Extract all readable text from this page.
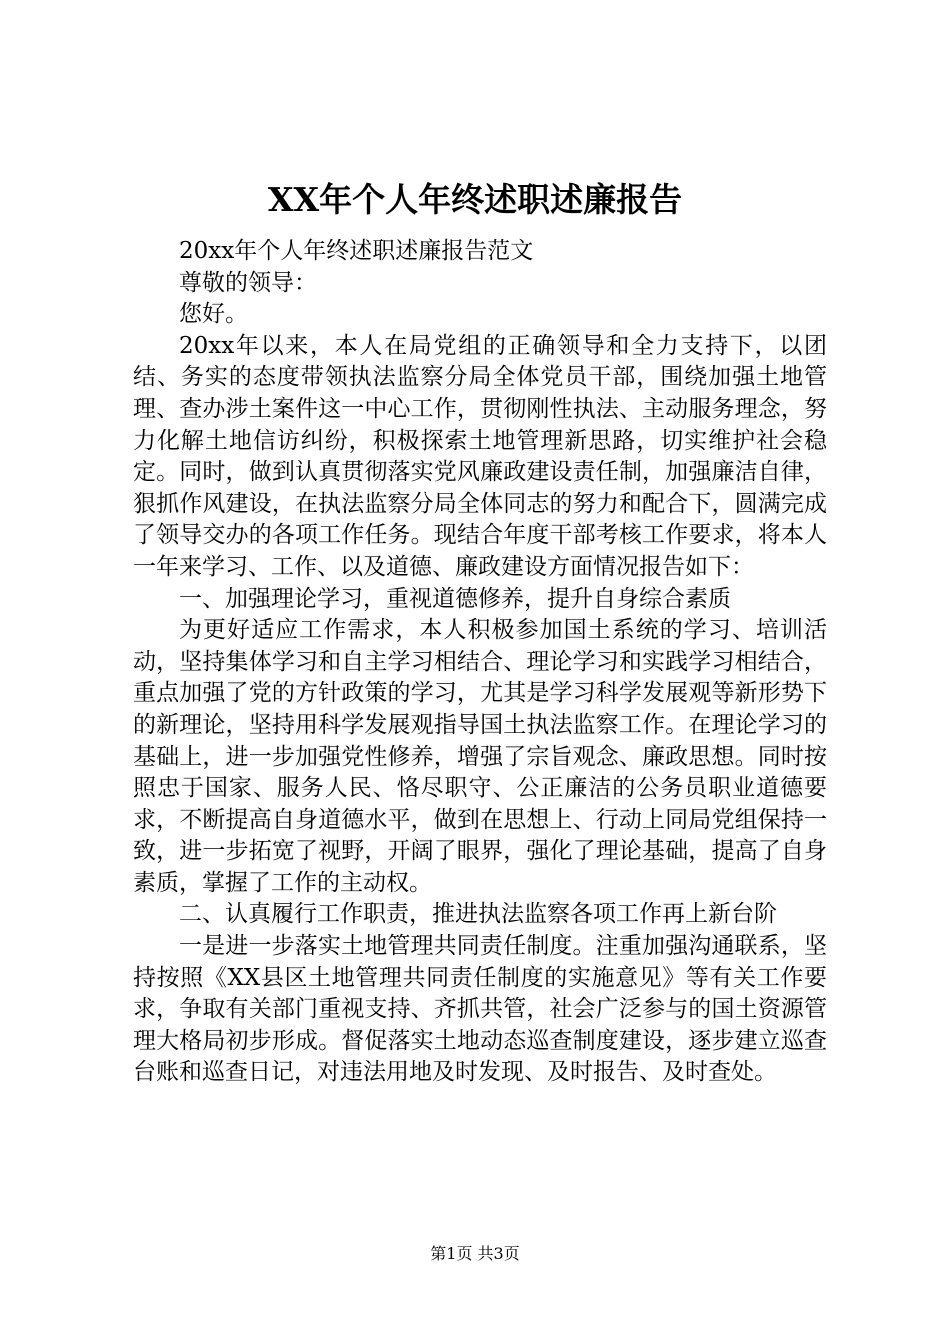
XX年个人年终述职述廉报告

20xx年个人年终述职述廉报告范文

尊敬的领导：

您好。

20xx年以来，本人在局党组的正确领导和全力支持下，以团结、务实的态度带领执法监察分局全体党员干部，围绕加强土地管理、查办涉土案件这一中心工作，贯彻刚性执法、主动服务理念，努力化解土地信访纠纷，积极探索土地管理新思路，切实维护社会稳定。同时，做到认真贯彻落实党风廉政建设责任制，加强廉洁自律，狠抓作风建设，在执法监察分局全体同志的努力和配合下，圆满完成了领导交办的各项工作任务。现结合年度干部考核工作要求，将本人一年来学习、工作、以及道德、廉政建设方面情况报告如下：

一、加强理论学习，重视道德修养，提升自身综合素质

为更好适应工作需求，本人积极参加国土系统的学习、培训活动，坚持集体学习和自主学习相结合、理论学习和实践学习相结合，重点加强了党的方针政策的学习，尤其是学习科学发展观等新形势下的新理论，坚持用科学发展观指导国土执法监察工作。在理论学习的基础上，进一步加强党性修养，增强了宗旨观念、廉政思想。同时按照忠于国家、服务人民、恪尽职守、公正廉洁的公务员职业道德要求，不断提高自身道德水平，做到在思想上、行动上同局党组保持一致，进一步拓宽了视野，开阔了眼界，强化了理论基础，提高了自身素质，掌握了工作的主动权。

二、认真履行工作职责，推进执法监察各项工作再上新台阶

一是进一步落实土地管理共同责任制度。注重加强沟通联系，坚持按照《XX县区土地管理共同责任制度的实施意见》等有关工作要求，争取有关部门重视支持、齐抓共管，社会广泛参与的国土资源管理大格局初步形成。督促落实土地动态巡查制度建设，逐步建立巡查台账和巡查日记，对违法用地及时发现、及时报告、及时查处。

第1页 共3页
